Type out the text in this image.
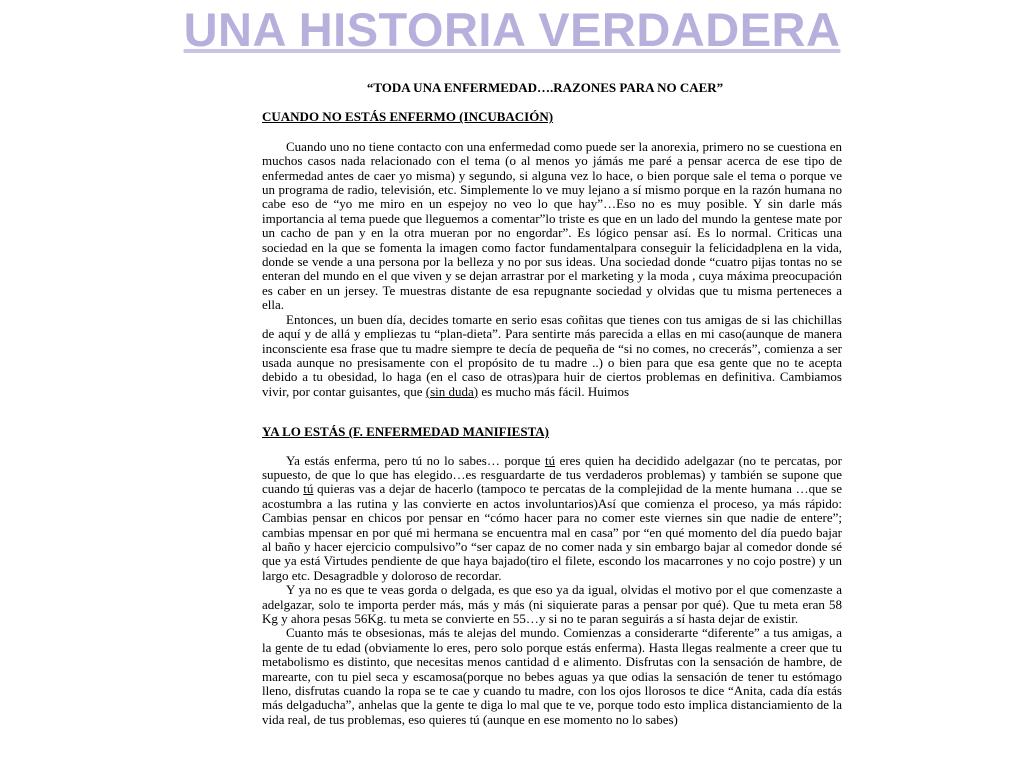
UNA HISTORIA VERDADERA
“TODA UNA ENFERMEDAD….RAZONES PARA NO CAER”
CUANDO NO ESTÁS ENFERMO (INCUBACIÓN)

Cuando uno no tiene contacto con una enfermedad como puede ser la anorexia, primero no se cuestiona en muchos casos nada relacionado con el tema (o al menos yo jámás me paré a pensar acerca de ese tipo de enfermedad antes de caer yo misma) y segundo, si alguna vez lo hace, o bien porque sale el tema o porque ve un programa de radio, televisión, etc. Simplemente lo ve muy lejano a sí mismo porque en la razón humana no cabe eso de “yo me miro en un espejoy no veo lo que hay”…Eso no es muy posible. Y sin darle más importancia al tema puede que lleguemos a comentar”lo triste es que en un lado del mundo la gentese mate por un cacho de pan y en la otra mueran por no engordar”. Es lógico pensar así. Es lo normal. Criticas una sociedad en la que se fomenta la imagen como factor fundamentalpara conseguir la felicidadplena en la vida, donde se vende a una persona por la belleza y no por sus ideas. Una sociedad donde “cuatro pijas tontas no se enteran del mundo en el que viven y se dejan arrastrar por el marketing y la moda , cuya máxima preocupación es caber en un jersey. Te muestras distante de esa repugnante sociedad y olvidas que tu misma perteneces a ella.

Entonces, un buen día, decides tomarte en serio esas coñitas que tienes con tus amigas de si las chichillas de aquí y de allá y empliezas tu “plan-dieta”. Para sentirte más parecida a ellas en mi caso(aunque de manera inconsciente esa frase que tu madre siempre te decía de pequeña de “si no comes, no crecerás”, comienza a ser usada aunque no presisamente con el propósito de tu madre ..) o bien para que esa gente que no te acepta debido a tu obesidad, lo haga (en el caso de otras)para huir de ciertos problemas en definitiva. Cambiamos vivir, por contar guisantes, que (sin duda) es mucho más fácil. Huimos

YA LO ESTÁS (F. ENFERMEDAD MANIFIESTA)

Ya estás enferma, pero tú no lo sabes… porque tú eres quien ha decidido adelgazar (no te percatas, por supuesto, de que lo que has elegido…es resguardarte de tus verdaderos problemas) y también se supone que cuando tú quieras vas a dejar de hacerlo (tampoco te percatas de la complejidad de la mente humana …que se acostumbra a las rutina y las convierte en actos involuntarios)Así que comienza el proceso, ya más rápido: Cambias pensar en chicos por pensar en “cómo hacer para no comer este viernes sin que nadie de entere”; cambias mpensar en por qué mi hermana se encuentra mal en casa” por “en qué momento del día puedo bajar al baño y hacer ejercicio compulsivo”o “ser capaz de no comer nada y sin embargo bajar al comedor donde sé que ya está Virtudes pendiente de que haya bajado(tiro el filete, escondo los macarrones y no cojo postre) y un largo etc. Desagradble y doloroso de recordar.

Y ya no es que te veas gorda o delgada, es que eso ya da igual, olvidas el motivo por el que comenzaste a adelgazar, solo te importa perder más, más y más (ni siquierate paras a pensar por qué). Que tu meta eran 58 Kg y ahora pesas 56Kg. tu meta se convierte en 55…y si no te paran seguirás a sí hasta dejar de existir.

Cuanto más te obsesionas, más te alejas del mundo. Comienzas a considerarte “diferente” a tus amigas, a la gente de tu edad (obviamente lo eres, pero solo porque estás enferma). Hasta llegas realmente a creer que tu metabolismo es distinto, que necesitas menos cantidad d e alimento. Disfrutas con la sensación de hambre, de marearte, con tu piel seca y escamosa(porque no bebes aguas ya que odias la sensación de tener tu estómago lleno, disfrutas cuando la ropa se te cae y cuando tu madre, con los ojos llorosos te dice “Anita, cada día estás más delgaducha”, anhelas que la gente te diga lo mal que te ve, porque todo esto implica distanciamiento de la vida real, de tus problemas, eso quieres tú (aunque en ese momento no lo sabes)
